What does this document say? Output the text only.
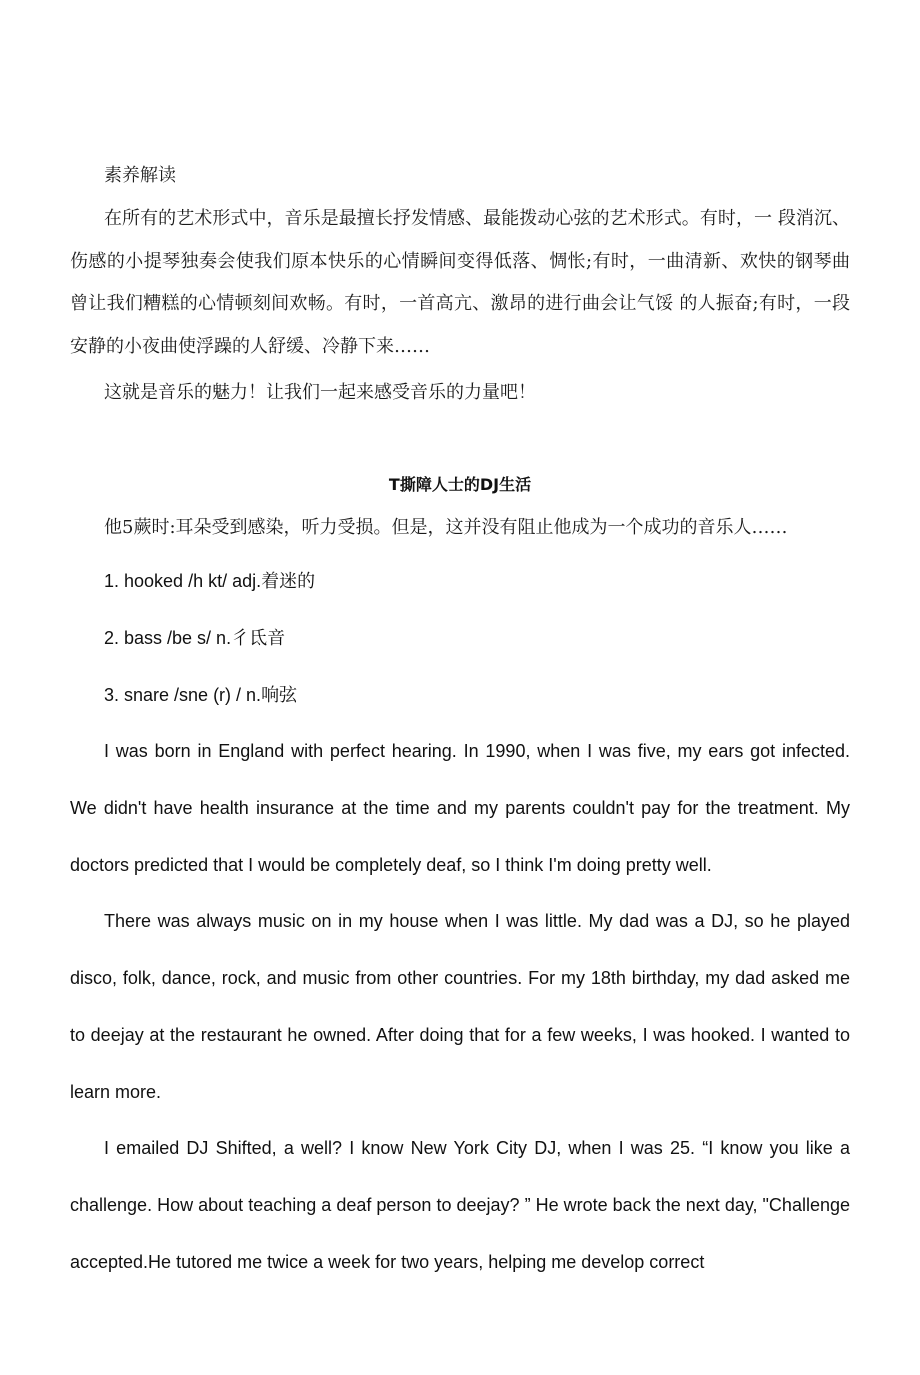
素养解读

在所有的艺术形式中，音乐是最擅长抒发情感、最能拨动心弦的艺术形式。有时，一 段消沉、伤感的小提琴独奏会使我们原本快乐的心情瞬间变得低落、惆怅;有时，一曲清新、欢快的钢琴曲曾让我们糟糕的心情顿刻间欢畅。有时，一首高亢、激昂的进行曲会让气馁 的人振奋;有时，一段安静的小夜曲使浮躁的人舒缓、冷静下来……

这就是音乐的魅力！让我们一起来感受音乐的力量吧！

T撕障人士的DJ生活

他5蕨时:耳朵受到感染，听力受损。但是，这并没有阻止他成为一个成功的音乐人……

1. hooked /h kt/ adj.着迷的
2. bass /be s/ n.彳氐音
3. snare /sne (r) / n.响弦

I was born in England with perfect hearing. In 1990, when I was five, my ears got infected. We didn't have health insurance at the time and my parents couldn't pay for the treatment. My doctors predicted that I would be completely deaf, so I think I'm doing pretty well.

There was always music on in my house when I was little. My dad was a DJ, so he played disco, folk, dance, rock, and music from other countries. For my 18th birthday, my dad asked me to deejay at the restaurant he owned. After doing that for a few weeks, I was hooked. I wanted to learn more.

I emailed DJ Shifted, a well? I know New York City DJ, when I was 25. “I know you like a challenge. How about teaching a deaf person to deejay? ” He wrote back the next day, "Challenge accepted.He tutored me twice a week for two years, helping me develop correct
